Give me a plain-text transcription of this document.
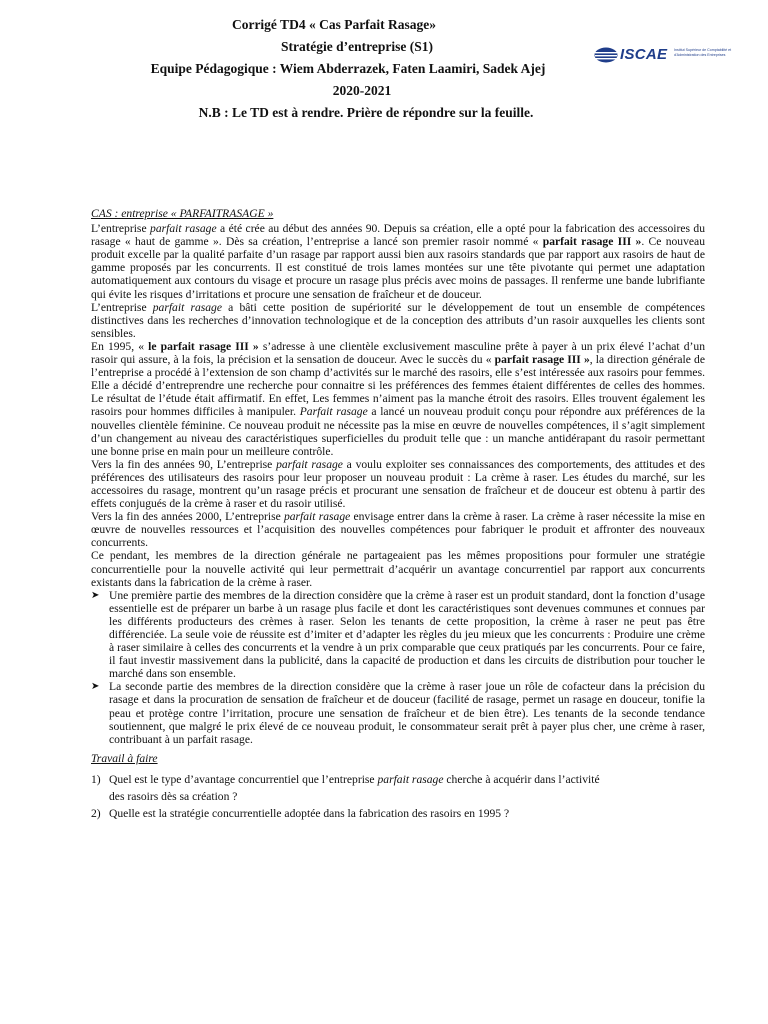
Corrigé TD4 « Cas Parfait Rasage»
Stratégie d’entreprise (S1)
Equipe Pédagogique : Wiem Abderrazek, Faten Laamiri, Sadek Ajej
2020-2021
N.B : Le TD est à rendre. Prière de répondre sur la feuille.
ISCAE Institut Supérieur de Comptabilité et d'Administration des Entreprises

CAS : entreprise « PARFAITRASAGE »

L’entreprise parfait rasage a été crée au début des années 90. Depuis sa création, elle a opté pour la fabrication des accessoires du rasage « haut de gamme ». Dès sa création, l’entreprise a lancé son premier rasoir nommé « parfait rasage III ». Ce nouveau produit excelle par la qualité parfaite d’un rasage par rapport aussi bien aux rasoirs standards que par rapport aux rasoirs de haut de gamme proposés par les concurrents. Il est constitué de trois lames montées sur une tête pivotante qui permet une adaptation automatiquement aux contours du visage et procure un rasage plus précis avec moins de passages. Il renferme une bande lubrifiante qui évite les risques d’irritations et procure une sensation de fraîcheur et de douceur.

L’entreprise parfait rasage a bâti cette position de supériorité sur le développement de tout un ensemble de compétences distinctives dans les recherches d’innovation technologique et de la conception des attributs d’un rasoir auxquelles les clients sont sensibles.

En 1995, « le parfait rasage III » s’adresse à une clientèle exclusivement masculine prête à payer à un prix élevé l’achat d’un rasoir qui assure, à la fois, la précision et la sensation de douceur. Avec le succès du « parfait rasage III », la direction générale de l’entreprise a procédé à l’extension de son champ d’activités sur le marché des rasoirs, elle s’est intéressée aux rasoirs pour femmes. Elle a décidé d’entreprendre une recherche pour connaitre si les préférences des femmes étaient différentes de celles des hommes. Le résultat de l’étude était affirmatif. En effet, Les femmes n’aiment pas la manche étroit des rasoirs. Elles trouvent également les rasoirs pour hommes difficiles à manipuler. Parfait rasage a lancé un nouveau produit conçu pour répondre aux préférences de la nouvelles clientèle féminine. Ce nouveau produit ne nécessite pas la mise en œuvre de nouvelles compétences, il s’agit simplement d’un changement au niveau des caractéristiques superficielles du produit telle que : un manche antidérapant du rasoir permettant une bonne prise en main pour un meilleure contrôle.

Vers la fin des années 90, L’entreprise parfait rasage a voulu exploiter ses connaissances des comportements, des attitudes et des préférences des utilisateurs des rasoirs pour leur proposer un nouveau produit : La crème à raser. Les études du marché, sur les accessoires du rasage, montrent qu’un rasage précis et procurant une sensation de fraîcheur et de douceur est obtenu à partir des effets conjugués de la crème à raser et du rasoir utilisé.

Vers la fin des années 2000, L’entreprise parfait rasage envisage entrer dans la crème à raser. La crème à raser nécessite la mise en œuvre de nouvelles ressources et l’acquisition des nouvelles compétences pour fabriquer le produit et affronter des nouveaux concurrents.

Ce pendant, les membres de la direction générale ne partageaient pas les mêmes propositions pour formuler une stratégie concurrentielle pour la nouvelle activité qui leur permettrait d’acquérir un avantage concurrentiel par rapport aux concurrents existants dans la fabrication de la crème à raser.

➤ Une première partie des membres de la direction considère que la crème à raser est un produit standard, dont la fonction d’usage essentielle est de préparer un barbe à un rasage plus facile et dont les caractéristiques sont devenues communes et connues par les différents producteurs des crèmes à raser. Selon les tenants de cette proposition, la crème à raser ne peut pas être différenciée. La seule voie de réussite est d’imiter et d’adapter les règles du jeu mieux que les concurrents : Produire une crème à raser similaire à celles des concurrents et la vendre à un prix comparable que ceux pratiqués par les concurrents. Pour ce faire, il faut investir massivement dans la publicité, dans la capacité de production et dans les circuits de distribution pour toucher le marché dans son ensemble.
➤ La seconde partie des membres de la direction considère que la crème à raser joue un rôle de cofacteur dans la précision du rasage et dans la procuration de sensation de fraîcheur et de douceur (facilité de rasage, permet un rasage en douceur, tonifie la peau et protège contre l’irritation, procure une sensation de fraîcheur et de bien être). Les tenants de la seconde tendance soutiennent, que malgré le prix élevé de ce nouveau produit, le consommateur serait prêt à payer plus cher, une crème à raser, contribuant à un parfait rasage.

Travail à faire

1) Quel est le type d’avantage concurrentiel que l’entreprise parfait rasage cherche à acquérir dans l’activité
des rasoirs dès sa création ?
2) Quelle est la stratégie concurrentielle adoptée dans la fabrication des rasoirs en 1995 ?
